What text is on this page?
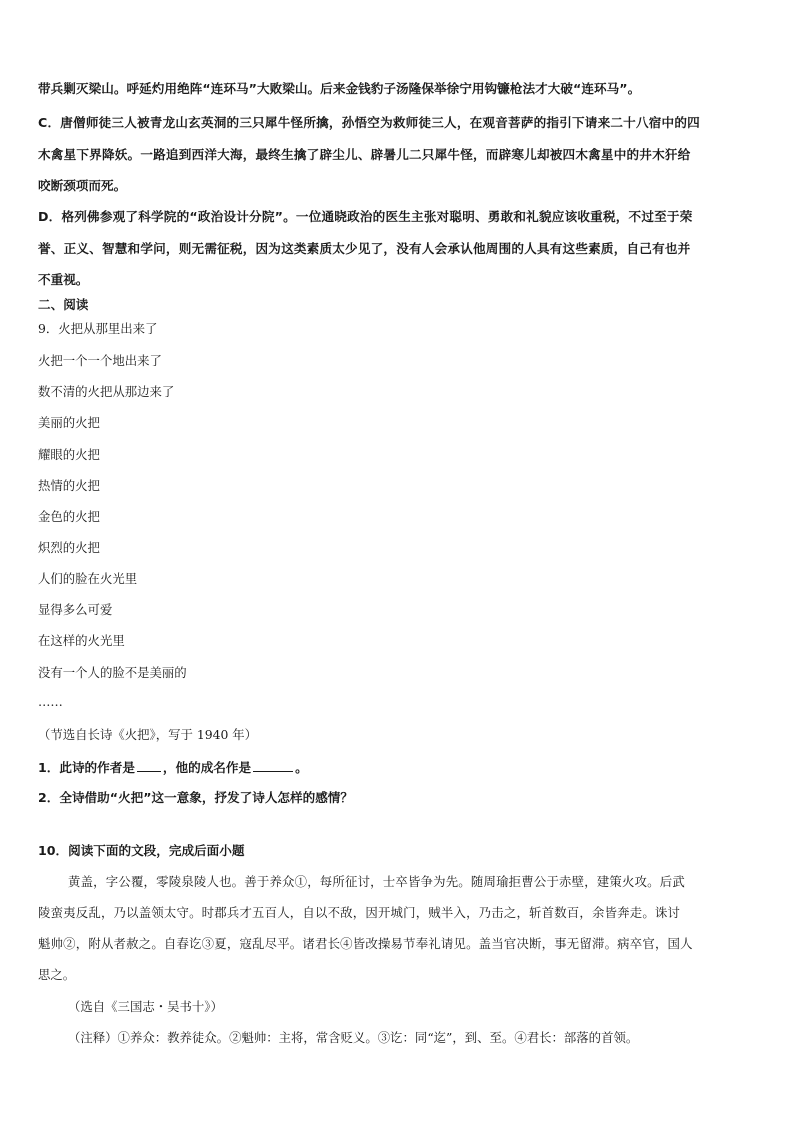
带兵剿灭梁山。呼延灼用绝阵“连环马”大败梁山。后来金钱豹子汤隆保举徐宁用钩镰枪法才大破“连环马”。
C．唐僧师徒三人被青龙山玄英洞的三只犀牛怪所擒，孙悟空为救师徒三人，在观音菩萨的指引下请来二十八宿中的四
木禽星下界降妖。一路追到西洋大海，最终生擒了辟尘儿、辟暑儿二只犀牛怪，而辟寒儿却被四木禽星中的井木犴给
咬断颈项而死。
D．格列佛参观了科学院的“政治设计分院”。一位通晓政治的医生主张对聪明、勇敢和礼貌应该收重税，不过至于荣
誉、正义、智慧和学问，则无需征税，因为这类素质太少见了，没有人会承认他周围的人具有这些素质，自己有也并
不重视。
二、阅读
9．火把从那里出来了
火把一个一个地出来了
数不清的火把从那边来了
美丽的火把
耀眼的火把
热情的火把
金色的火把
炽烈的火把
人们的脸在火光里
显得多么可爱
在这样的火光里
没有一个人的脸不是美丽的
……
（节选自长诗《火把》，写于 1940 年）
1．此诗的作者是 ，他的成名作是	。
2．全诗借助“火把”这一意象，抒发了诗人怎样的感情？
10．阅读下面的文段，完成后面小题
黄盖，字公覆，零陵泉陵人也。善于养众①，每所征讨，士卒皆争为先。随周瑜拒曹公于赤壁，建策火攻。后武
陵蛮夷反乱，乃以盖领太守。时郡兵才五百人，自以不敌，因开城门，贼半入，乃击之，斩首数百，余皆奔走。诛讨
魁帅②，附从者赦之。自春讫③夏，寇乱尽平。诸君长④皆改操易节奉礼请见。盖当官决断，事无留滞。病卒官，国人
思之。
（选自《三国志・吴书十》）
（注释）①养众：教养徒众。②魁帅：主将，常含贬义。③讫：同“迄”，到、至。④君长：部落的首领。
